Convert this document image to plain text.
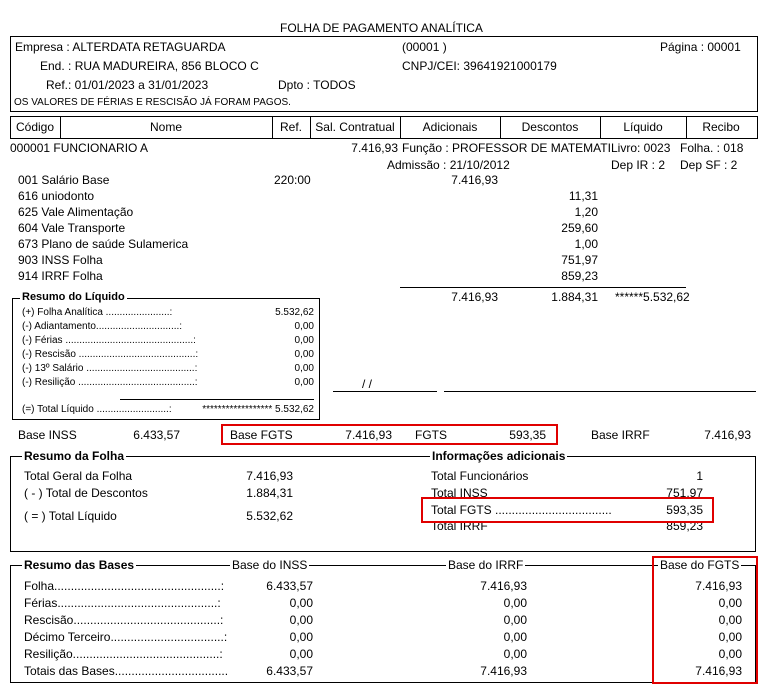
FOLHA DE PAGAMENTO ANALÍTICA
Empresa : ALTERDATA RETAGUARDA	(00001 )	Página : 00001
End. : RUA MADUREIRA, 856 BLOCO C	CNPJ/CEI: 39641921000179
Ref.: 01/01/2023 a 31/01/2023	Dpto : TODOS
OS VALORES DE FÉRIAS E RESCISÃO JÁ FORAM PAGOS.
Código	Nome	Ref.	Sal. Contratual	Adicionais	Descontos	Líquido	Recibo
000001 FUNCIONARIO A	7.416,93 Função : PROFESSOR DE MATEMATI Livro: 0023 Folha. : 018
Admissão : 21/10/2012	Dep IR : 2 Dep SF : 2
001 Salário Base	220:00	7.416,93
616 uniodonto	11,31
625 Vale Alimentação	1,20
604 Vale Transporte	259,60
673 Plano de saúde Sulamerica	1,00
903 INSS Folha	751,97
914 IRRF Folha	859,23
7.416,93	1.884,31 ******5.532,62
Resumo do Líquido
(+) Folha Analítica .......................:	5.532,62
(-) Adiantamento..............................:	0,00
(-) Férias ..............................................:	0,00
(-) Rescisão ..........................................:	0,00
(-) 13º Salário .......................................:	0,00
(-) Resilição ..........................................:	0,00
(=) Total Líquido ..........................:	****************** 5.532,62
/ /
Base INSS	6.433,57	Base FGTS	7.416,93 FGTS	593,35	Base IRRF	7.416,93
Resumo da Folha	Informações adicionais
Total Geral da Folha	7.416,93
( - ) Total de Descontos	1.884,31
( = ) Total Líquido	5.532,62
Total Funcionários	1
Total INSS	751,97
Total FGTS ...................................	593,35
Total IRRF	859,23
Resumo das Bases	Base do INSS	Base do IRRF	Base do FGTS
Folha..................................................:	6.433,57	7.416,93	7.416,93
Férias................................................:	0,00	0,00	0,00
Rescisão............................................:	0,00	0,00	0,00
Décimo Terceiro..................................:	0,00	0,00	0,00
Resilição............................................:	0,00	0,00	0,00
Totais das Bases..................................	6.433,57	7.416,93	7.416,93
